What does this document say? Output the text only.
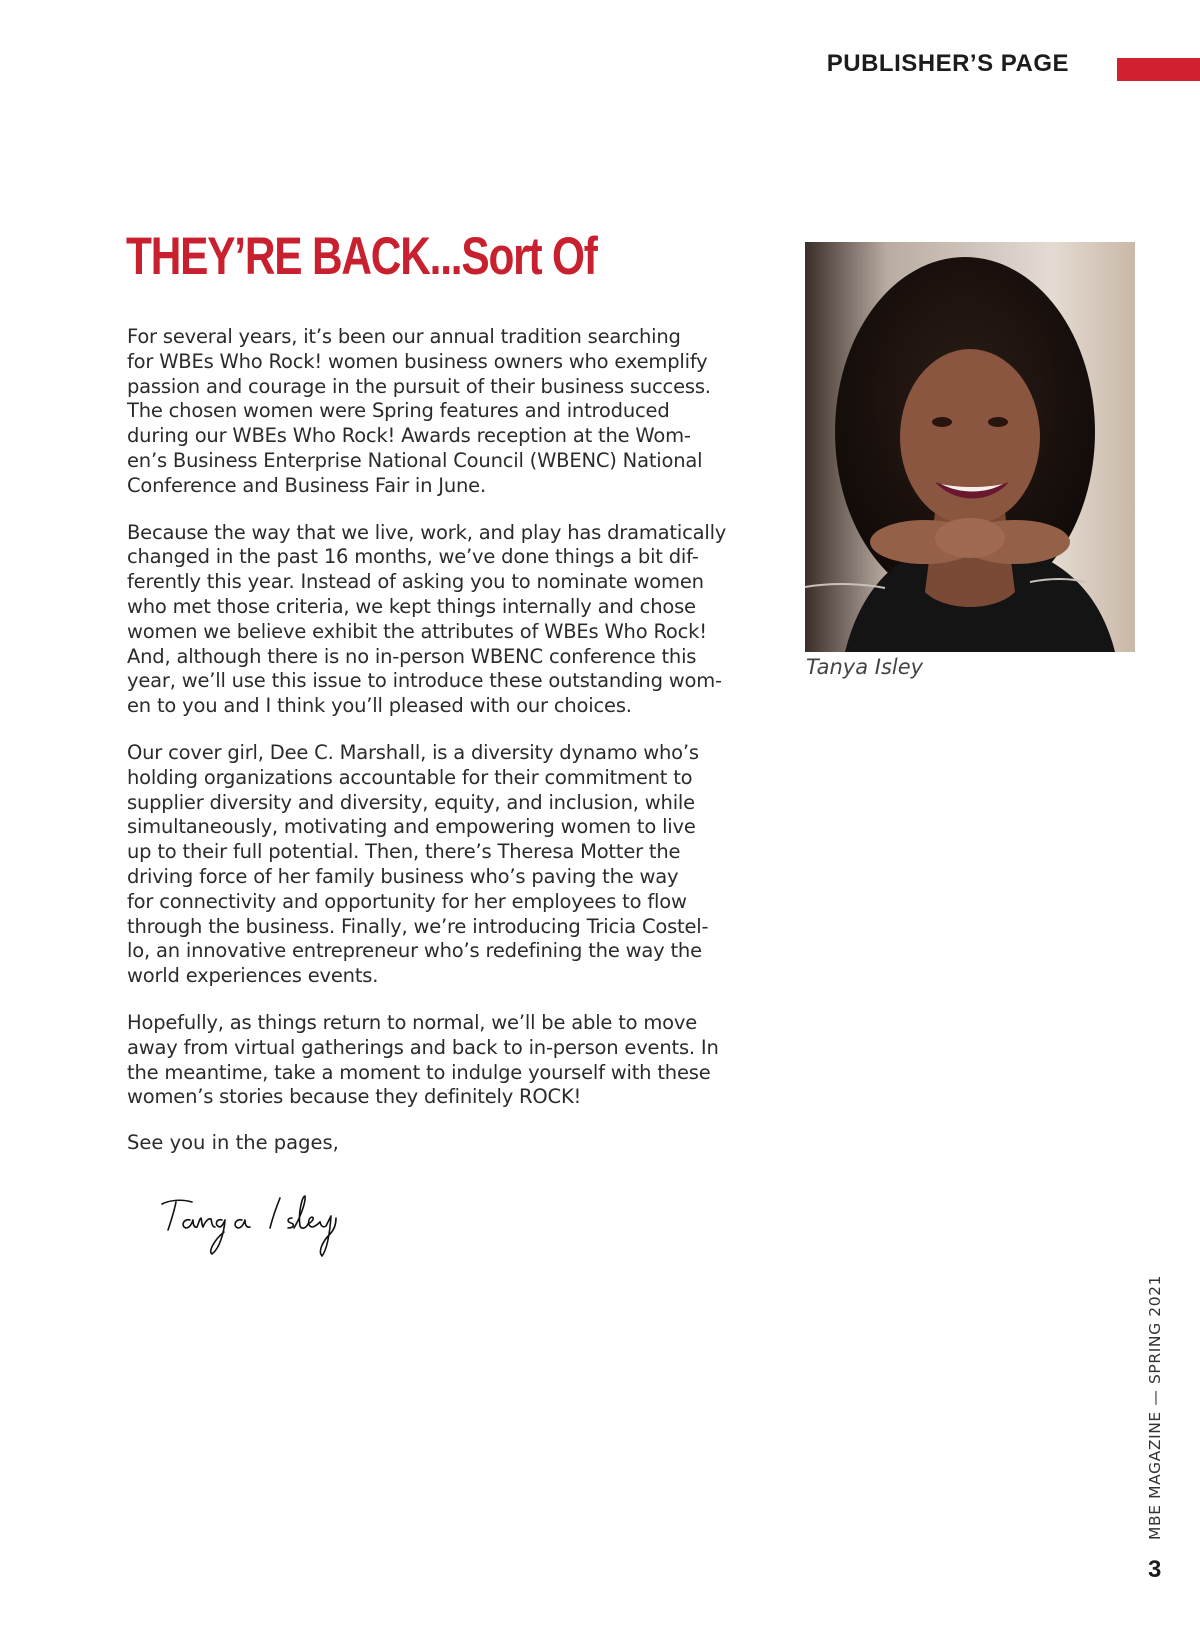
PUBLISHER’S PAGE
THEY’RE BACK...Sort Of

For several years, it’s been our annual tradition searching
for WBEs Who Rock! women business owners who exemplify
passion and courage in the pursuit of their business success.
The chosen women were Spring features and introduced
during our WBEs Who Rock! Awards reception at the Wom-
en’s Business Enterprise National Council (WBENC) National
Conference and Business Fair in June.

Because the way that we live, work, and play has dramatically
changed in the past 16 months, we’ve done things a bit dif-
ferently this year. Instead of asking you to nominate women
who met those criteria, we kept things internally and chose
women we believe exhibit the attributes of WBEs Who Rock!
And, although there is no in-person WBENC conference this
year, we’ll use this issue to introduce these outstanding wom-
en to you and I think you’ll pleased with our choices.

Our cover girl, Dee C. Marshall, is a diversity dynamo who’s
holding organizations accountable for their commitment to
supplier diversity and diversity, equity, and inclusion, while
simultaneously, motivating and empowering women to live
up to their full potential. Then, there’s Theresa Motter the
driving force of her family business who’s paving the way
for connectivity and opportunity for her employees to flow
through the business. Finally, we’re introducing Tricia Costel-
lo, an innovative entrepreneur who’s redefining the way the
world experiences events.

Hopefully, as things return to normal, we’ll be able to move
away from virtual gatherings and back to in-person events. In
the meantime, take a moment to indulge yourself with these
women’s stories because they definitely ROCK!

See you in the pages,

Tanya Isley
MBE MAGAZINE — SPRING 2021
3
